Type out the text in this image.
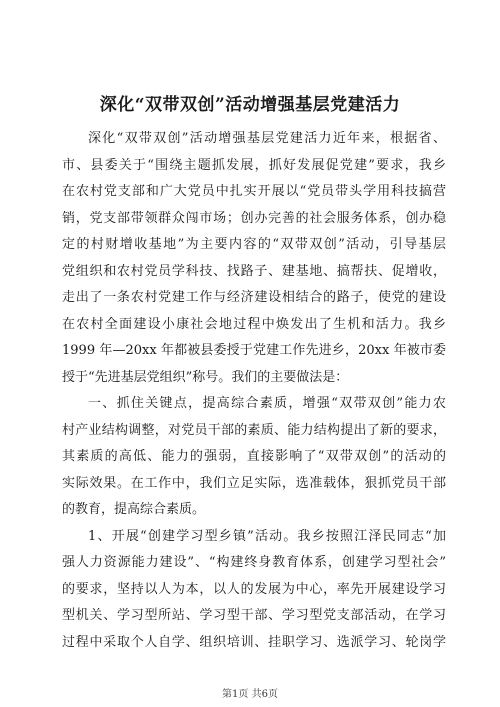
深化“双带双创”活动增强基层党建活力
深化“双带双创”活动增强基层党建活力近年来，根据省、
市、县委关于“围绕主题抓发展，抓好发展促党建”要求，我乡
在农村党支部和广大党员中扎实开展以“党员带头学用科技搞营
销，党支部带领群众闯市场；创办完善的社会服务体系，创办稳
定的村财增收基地”为主要内容的“双带双创”活动，引导基层
党组织和农村党员学科技、找路子、建基地、搞帮扶、促增收，
走出了一条农村党建工作与经济建设相结合的路子，使党的建设
在农村全面建设小康社会地过程中焕发出了生机和活力。我乡
1999 年—20xx 年都被县委授于党建工作先进乡，20xx 年被市委
授于“先进基层党组织”称号。我们的主要做法是：
一、抓住关键点，提高综合素质，增强“双带双创”能力农
村产业结构调整，对党员干部的素质、能力结构提出了新的要求，
其素质的高低、能力的强弱，直接影响了“双带双创”的活动的
实际效果。在工作中，我们立足实际，选准载体，狠抓党员干部
的教育，提高综合素质。
1、开展“创建学习型乡镇”活动。我乡按照江泽民同志“加
强人力资源能力建设”、“构建终身教育体系，创建学习型社会”
的要求，坚持以人为本，以人的发展为中心，率先开展建设学习
型机关、学习型所站、学习型干部、学习型党支部活动，在学习
过程中采取个人自学、组织培训、挂职学习、选派学习、轮岗学
第1页 共6页
